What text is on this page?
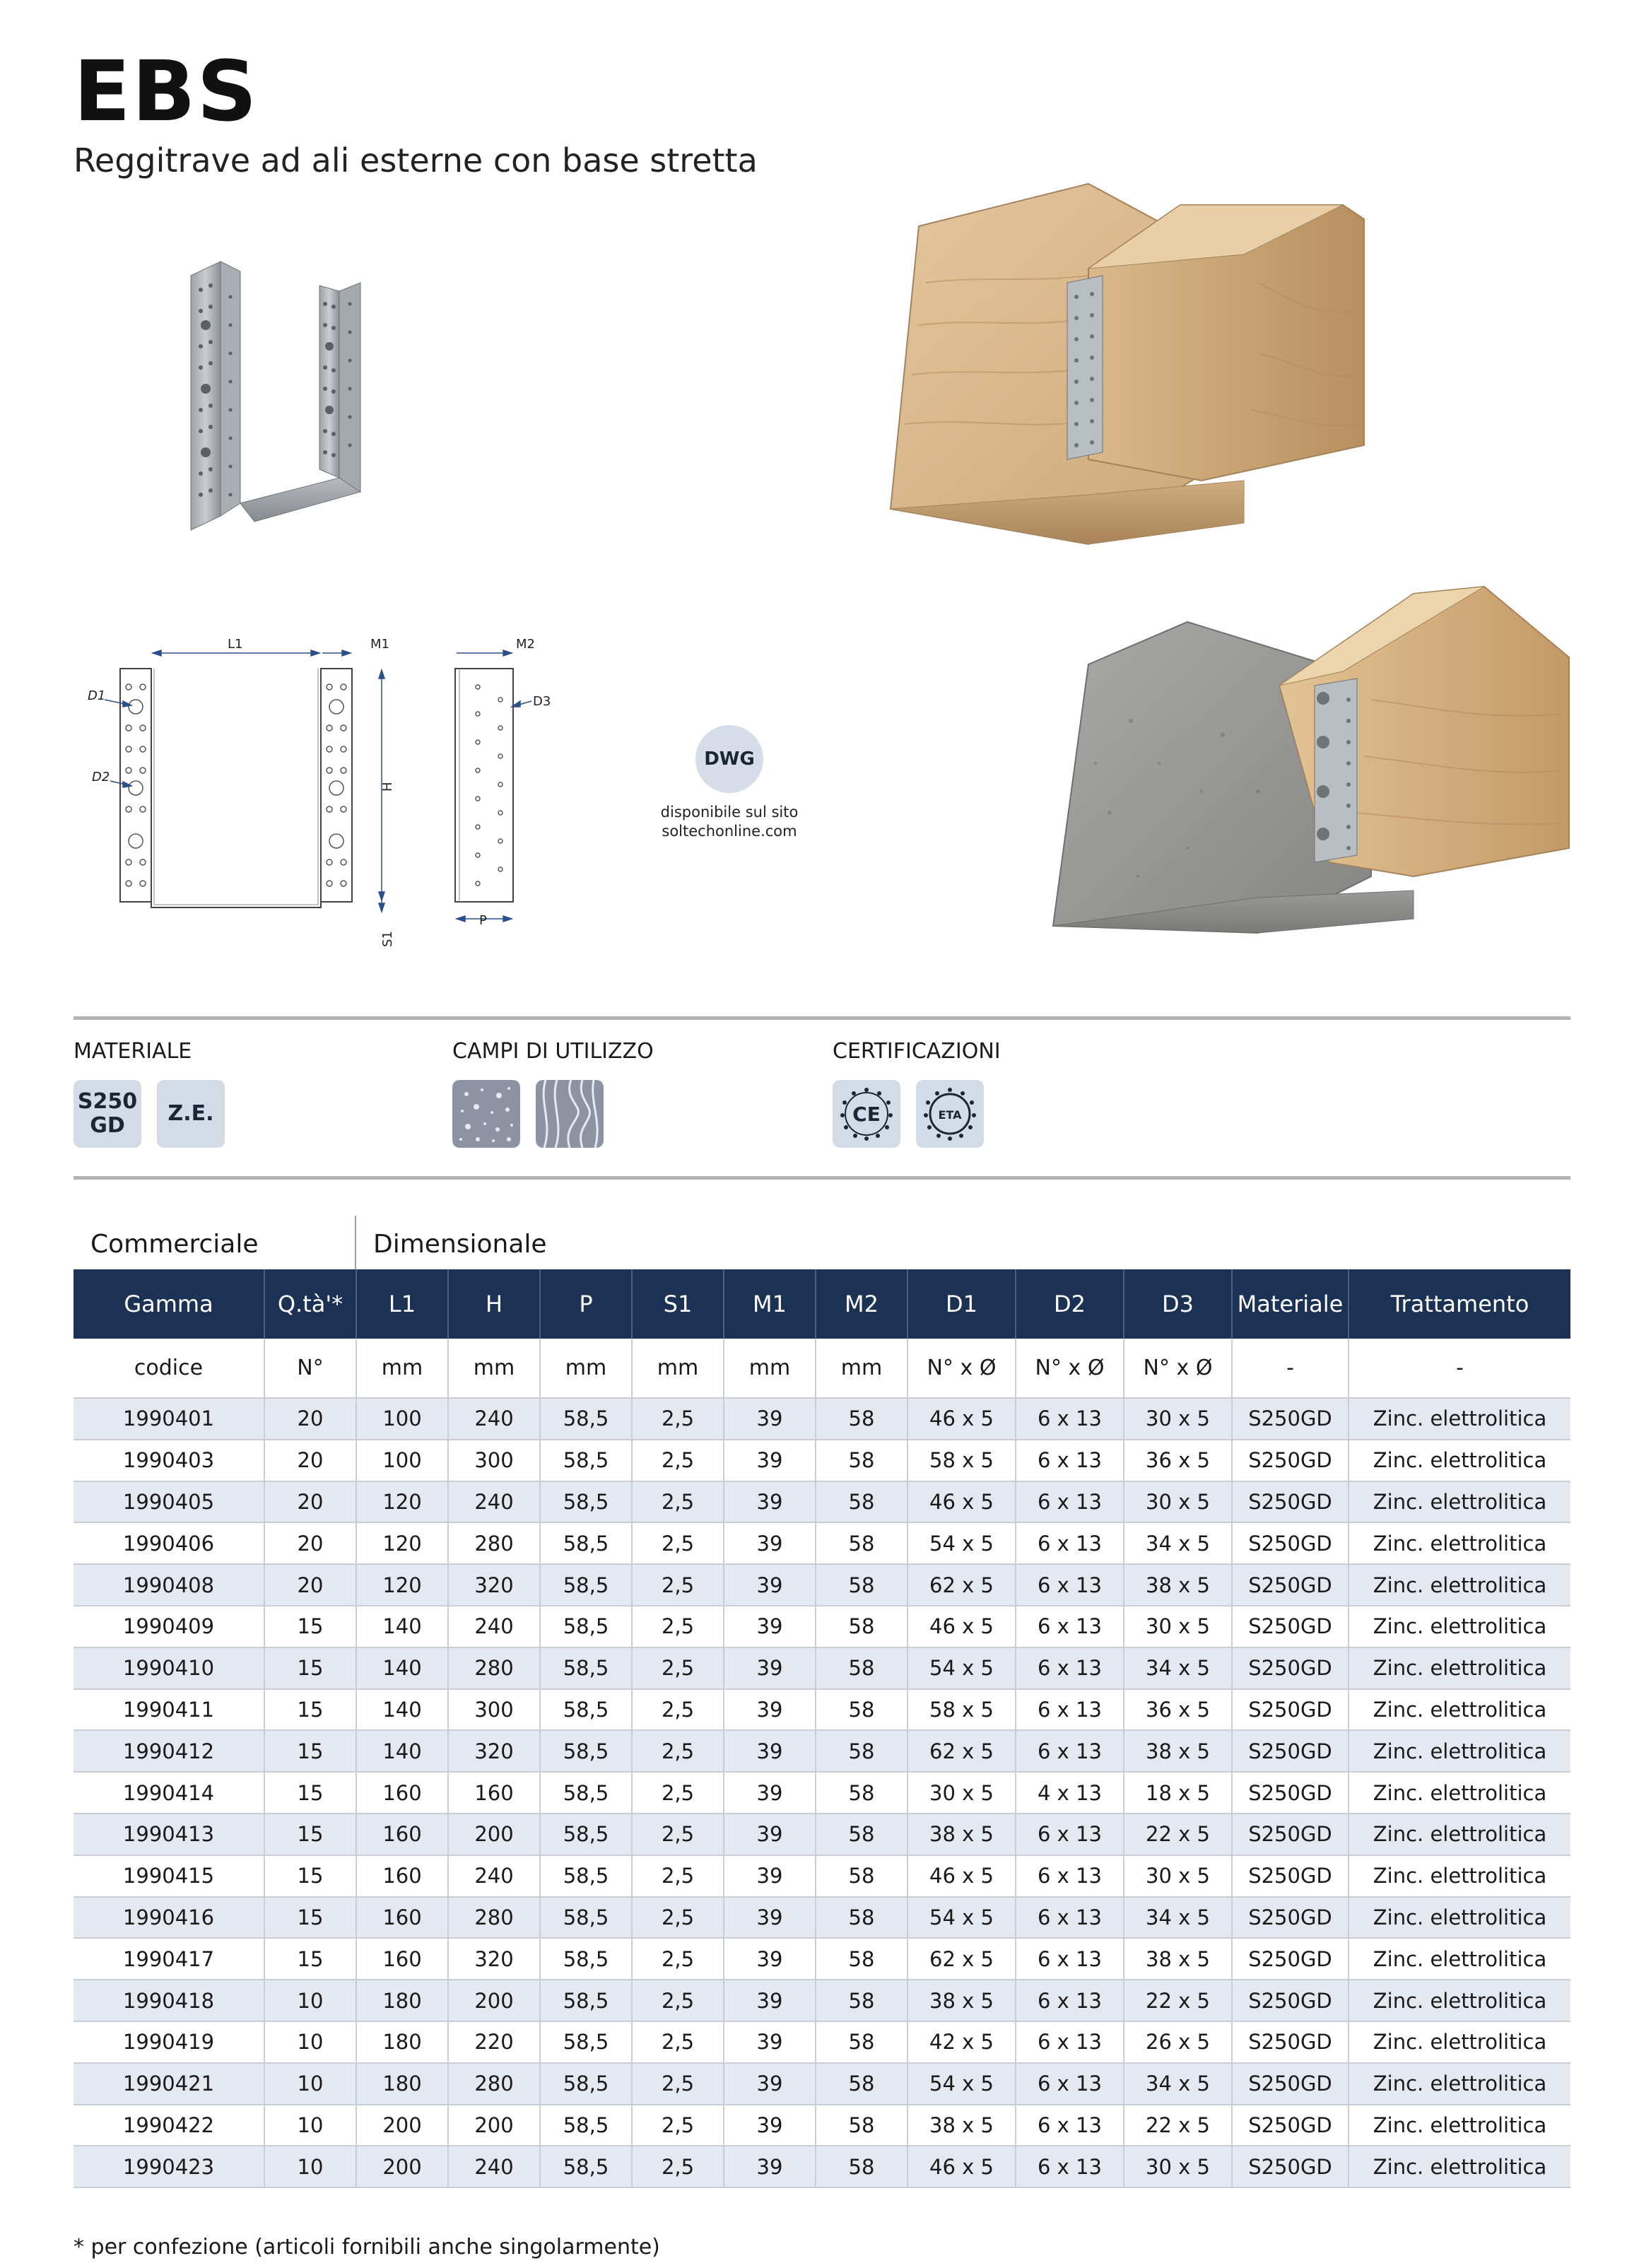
EBS
Reggitrave ad ali esterne con base stretta
L1	M1	M2
D1
D2
D3
H
S1
P
DWG
disponibile sul sito
soltechonline.com
MATERIALE	CAMPI DI UTILIZZO	CERTIFICAZIONI
S250
GD	Z.E.	CE	ETA
Commerciale	Dimensionale
Gamma	Q.tà'*	L1	H	P	S1	M1	M2	D1	D2	D3	Materiale	Trattamento
codice	N°	mm	mm	mm	mm	mm	mm	N° x Ø	N° x Ø	N° x Ø	-	-
1990401	20	100	240	58,5	2,5	39	58	46 x 5	6 x 13	30 x 5	S250GD	Zinc. elettrolitica
1990403	20	100	300	58,5	2,5	39	58	58 x 5	6 x 13	36 x 5	S250GD	Zinc. elettrolitica
1990405	20	120	240	58,5	2,5	39	58	46 x 5	6 x 13	30 x 5	S250GD	Zinc. elettrolitica
1990406	20	120	280	58,5	2,5	39	58	54 x 5	6 x 13	34 x 5	S250GD	Zinc. elettrolitica
1990408	20	120	320	58,5	2,5	39	58	62 x 5	6 x 13	38 x 5	S250GD	Zinc. elettrolitica
1990409	15	140	240	58,5	2,5	39	58	46 x 5	6 x 13	30 x 5	S250GD	Zinc. elettrolitica
1990410	15	140	280	58,5	2,5	39	58	54 x 5	6 x 13	34 x 5	S250GD	Zinc. elettrolitica
1990411	15	140	300	58,5	2,5	39	58	58 x 5	6 x 13	36 x 5	S250GD	Zinc. elettrolitica
1990412	15	140	320	58,5	2,5	39	58	62 x 5	6 x 13	38 x 5	S250GD	Zinc. elettrolitica
1990414	15	160	160	58,5	2,5	39	58	30 x 5	4 x 13	18 x 5	S250GD	Zinc. elettrolitica
1990413	15	160	200	58,5	2,5	39	58	38 x 5	6 x 13	22 x 5	S250GD	Zinc. elettrolitica
1990415	15	160	240	58,5	2,5	39	58	46 x 5	6 x 13	30 x 5	S250GD	Zinc. elettrolitica
1990416	15	160	280	58,5	2,5	39	58	54 x 5	6 x 13	34 x 5	S250GD	Zinc. elettrolitica
1990417	15	160	320	58,5	2,5	39	58	62 x 5	6 x 13	38 x 5	S250GD	Zinc. elettrolitica
1990418	10	180	200	58,5	2,5	39	58	38 x 5	6 x 13	22 x 5	S250GD	Zinc. elettrolitica
1990419	10	180	220	58,5	2,5	39	58	42 x 5	6 x 13	26 x 5	S250GD	Zinc. elettrolitica
1990421	10	180	280	58,5	2,5	39	58	54 x 5	6 x 13	34 x 5	S250GD	Zinc. elettrolitica
1990422	10	200	200	58,5	2,5	39	58	38 x 5	6 x 13	22 x 5	S250GD	Zinc. elettrolitica
1990423	10	200	240	58,5	2,5	39	58	46 x 5	6 x 13	30 x 5	S250GD	Zinc. elettrolitica
* per confezione (articoli fornibili anche singolarmente)
